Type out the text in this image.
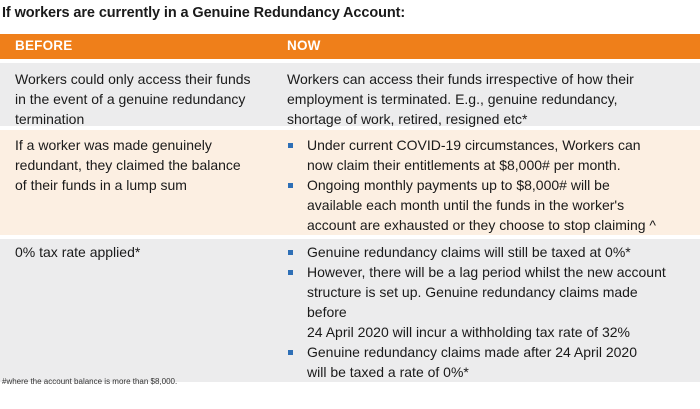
If workers are currently in a Genuine Redundancy Account:
BEFORE	NOW
Workers could only access their funds
in the event of a genuine redundancy
termination
Workers can access their funds irrespective of how their
employment is terminated. E.g., genuine redundancy,
shortage of work, retired, resigned etc*
If a worker was made genuinely
redundant, they claimed the balance
of their funds in a lump sum
Under current COVID-19 circumstances, Workers can
now claim their entitlements at $8,000# per month.
Ongoing monthly payments up to $8,000# will be
available each month until the funds in the worker's
account are exhausted or they choose to stop claiming ^
0% tax rate applied*	Genuine redundancy claims will still be taxed at 0%*
However, there will be a lag period whilst the new account
structure is set up. Genuine redundancy claims made
before
24 April 2020 will incur a withholding tax rate of 32%
Genuine redundancy claims made after 24 April 2020
will be taxed a rate of 0%*
#where the account balance is more than $8,000.
